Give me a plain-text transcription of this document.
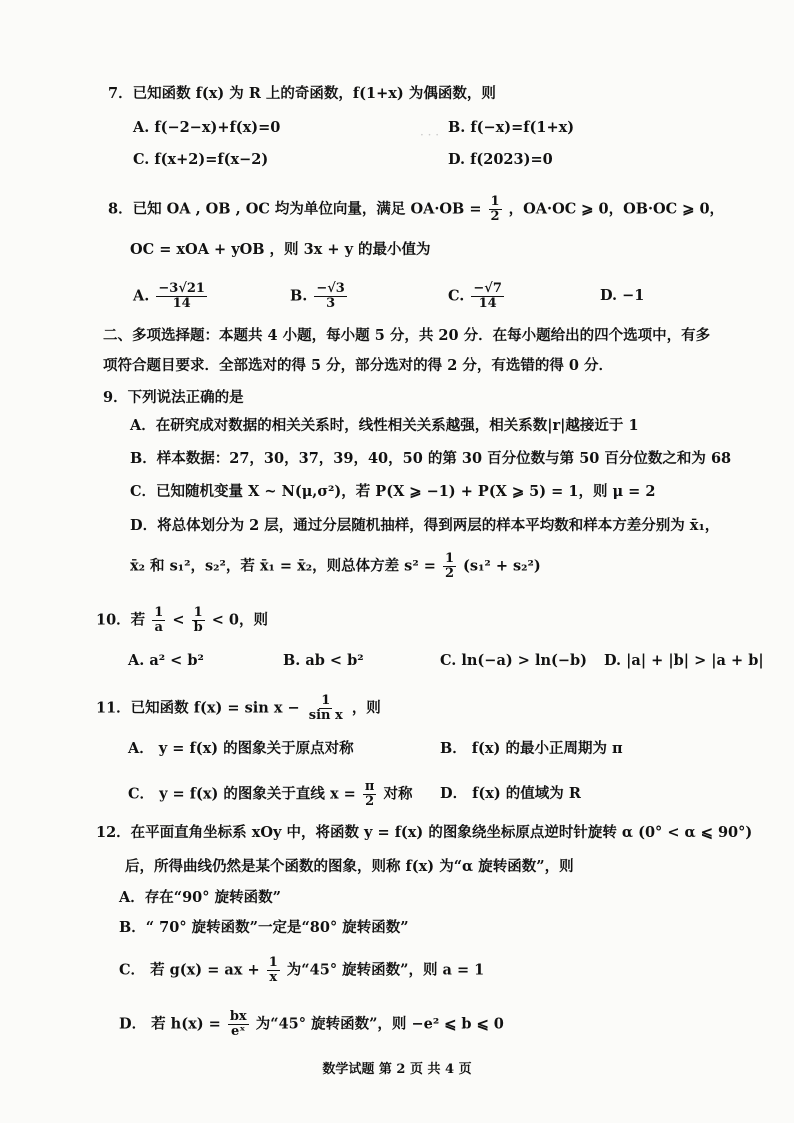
· · ·
7．已知函数 f(x) 为 R 上的奇函数，f(1+x) 为偶函数，则
A. f(−2−x)+f(x)=0	B. f(−x)=f(1+x)
C. f(x+2)=f(x−2)	D. f(2023)=0
8．已知 OA , OB , OC 均为单位向量，满足 $OA\cdot OB = \frac{1}{2}$ ，OA·OC ⩾ 0，OB·OC ⩾ 0，
OC = xOA + yOB ，则 3x + y 的最小值为
A. $\frac{-3√21}{14}$	B. $\frac{-√3}{3}$	C. $\frac{-√7}{14}$	D. −1
二、多项选择题：本题共 4 小题，每小题 5 分，共 20 分．在每小题给出的四个选项中，有多
项符合题目要求．全部选对的得 5 分，部分选对的得 2 分，有选错的得 0 分．
9．下列说法正确的是
A．在研究成对数据的相关关系时，线性相关关系越强，相关系数|r|越接近于 1
B．样本数据：27，30，37，39，40，50 的第 30 百分位数与第 50 百分位数之和为 68
C．已知随机变量 X ~ N(μ,σ²)，若 P(X ⩾ −1) + P(X ⩾ 5) = 1，则 μ = 2
D．将总体划分为 2 层，通过分层随机抽样，得到两层的样本平均数和样本方差分别为 x̄₁，
x̄₂ 和 s₁²，s₂²，若 x̄₁ = x̄₂，则总体方差 $s^2 = \frac{1}{2} (s_1^2 + s_2^2)$
10．若 $\frac{1}{a} < \frac{1}{b} < 0$，则
A. a² < b²	B. ab < b²	C. ln(−a) > ln(−b) D. |a| + |b| > |a + b|
11．已知函数 $f(x) = \sin x - \frac{1}{\text{sin x}}$ ，则
A． y = f(x) 的图象关于原点对称	B． f(x) 的最小正周期为 π
C． y = f(x) 的图象关于直线 $x = \frac{\pi}{2}$ 对称 D． f(x) 的值域为 R
12．在平面直角坐标系 xOy 中，将函数 y = f(x) 的图象绕坐标原点逆时针旋转 α (0° < α ⩽ 90°)
后，所得曲线仍然是某个函数的图象，则称 f(x) 为“α 旋转函数”，则
A．存在“90° 旋转函数”
B．“ 70° 旋转函数”一定是“80° 旋转函数”
C． 若 g(x) = ax + $\frac{1}{x}$ 为“45° 旋转函数”，则 a = 1
D． 若 $h(x) = \frac{bx}{\text{eˣ}}$ 为“45° 旋转函数”，则 −e² ⩽ b ⩽ 0
数学试题 第 2 页 共 4 页
